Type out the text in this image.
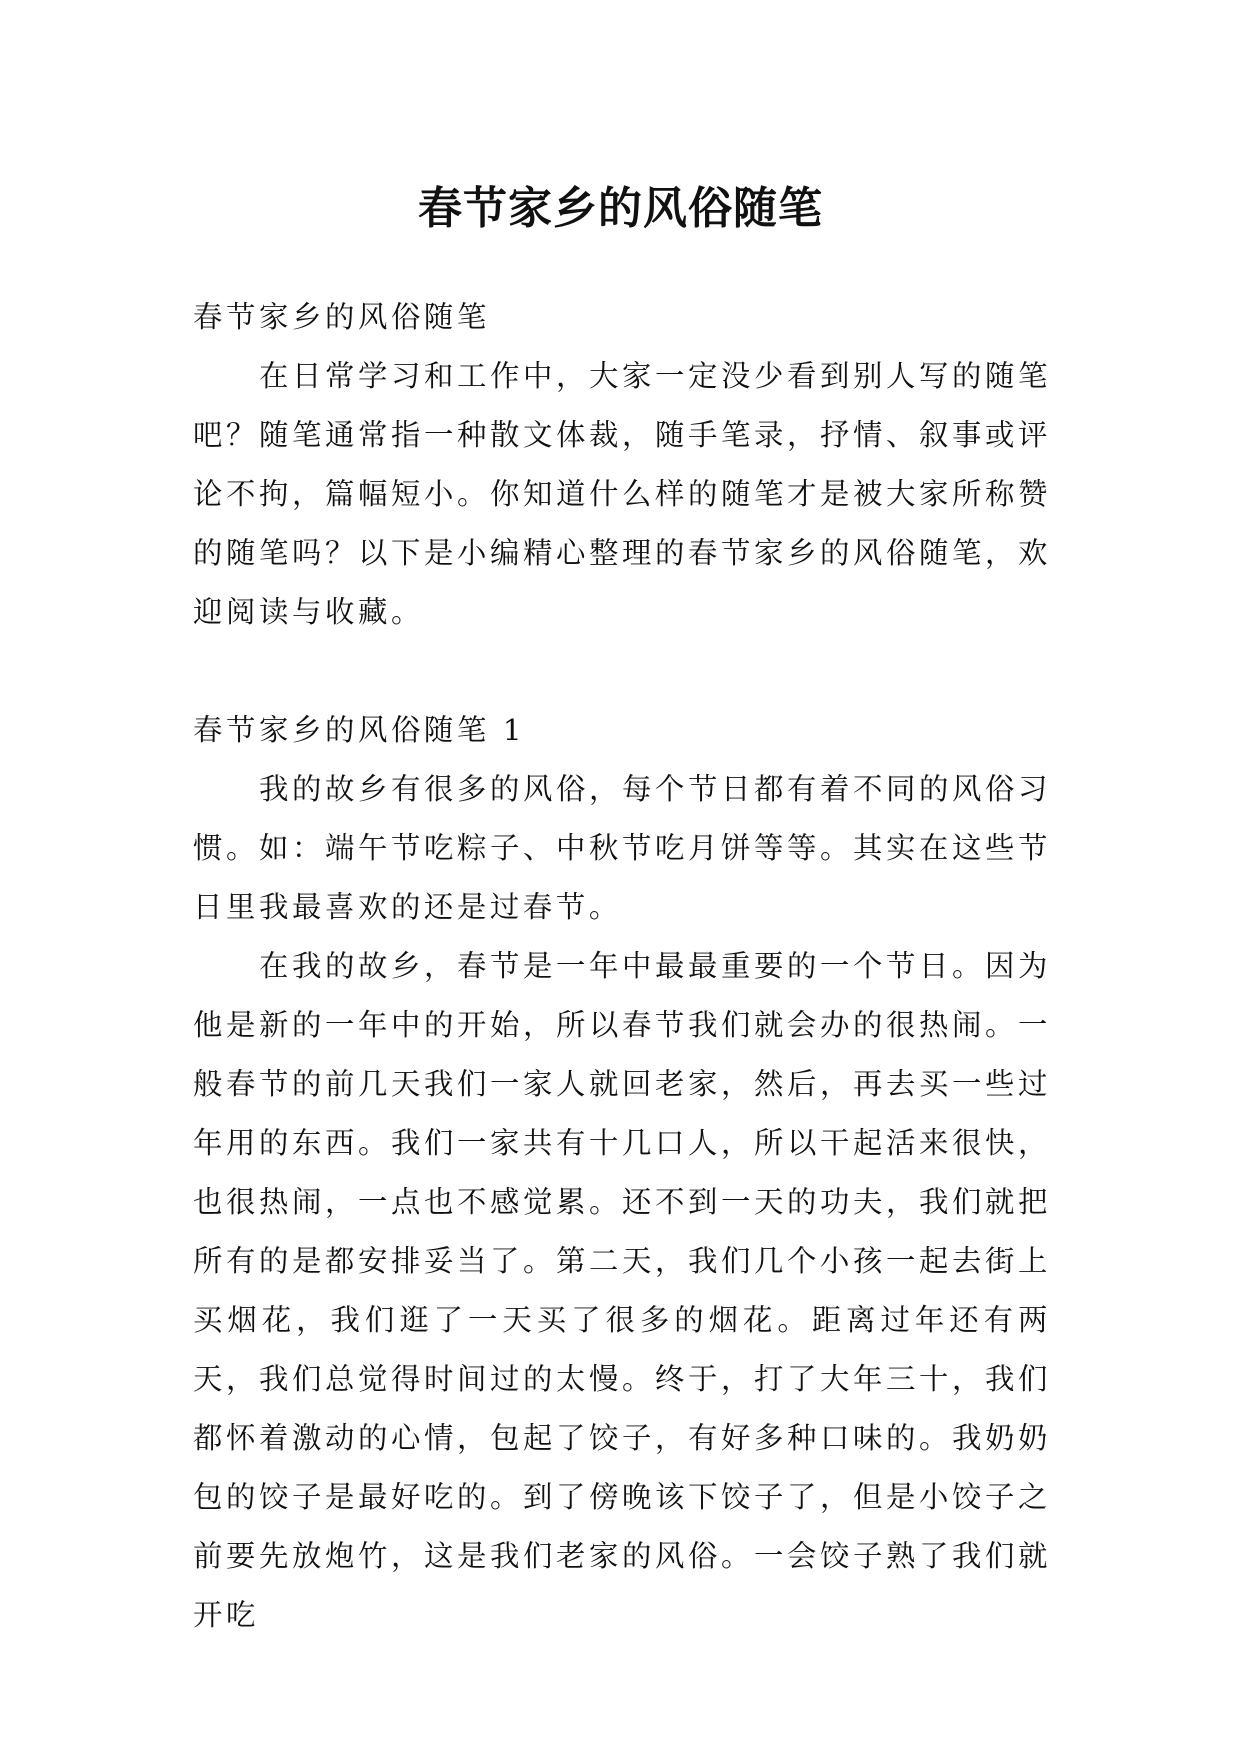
春节家乡的风俗随笔

春节家乡的风俗随笔

在日常学习和工作中，大家一定没少看到别人写的随笔吧？随笔通常指一种散文体裁，随手笔录，抒情、叙事或评论不拘，篇幅短小。你知道什么样的随笔才是被大家所称赞的随笔吗？以下是小编精心整理的春节家乡的风俗随笔，欢迎阅读与收藏。

春节家乡的风俗随笔 1

我的故乡有很多的风俗，每个节日都有着不同的风俗习惯。如：端午节吃粽子、中秋节吃月饼等等。其实在这些节日里我最喜欢的还是过春节。

在我的故乡，春节是一年中最最重要的一个节日。因为他是新的一年中的开始，所以春节我们就会办的很热闹。一般春节的前几天我们一家人就回老家，然后，再去买一些过年用的东西。我们一家共有十几口人，所以干起活来很快，也很热闹，一点也不感觉累。还不到一天的功夫，我们就把所有的是都安排妥当了。第二天，我们几个小孩一起去街上买烟花，我们逛了一天买了很多的烟花。距离过年还有两天，我们总觉得时间过的太慢。终于，打了大年三十，我们都怀着激动的心情，包起了饺子，有好多种口味的。我奶奶包的饺子是最好吃的。到了傍晚该下饺子了，但是小饺子之前要先放炮竹，这是我们老家的风俗。一会饺子熟了我们就开吃
